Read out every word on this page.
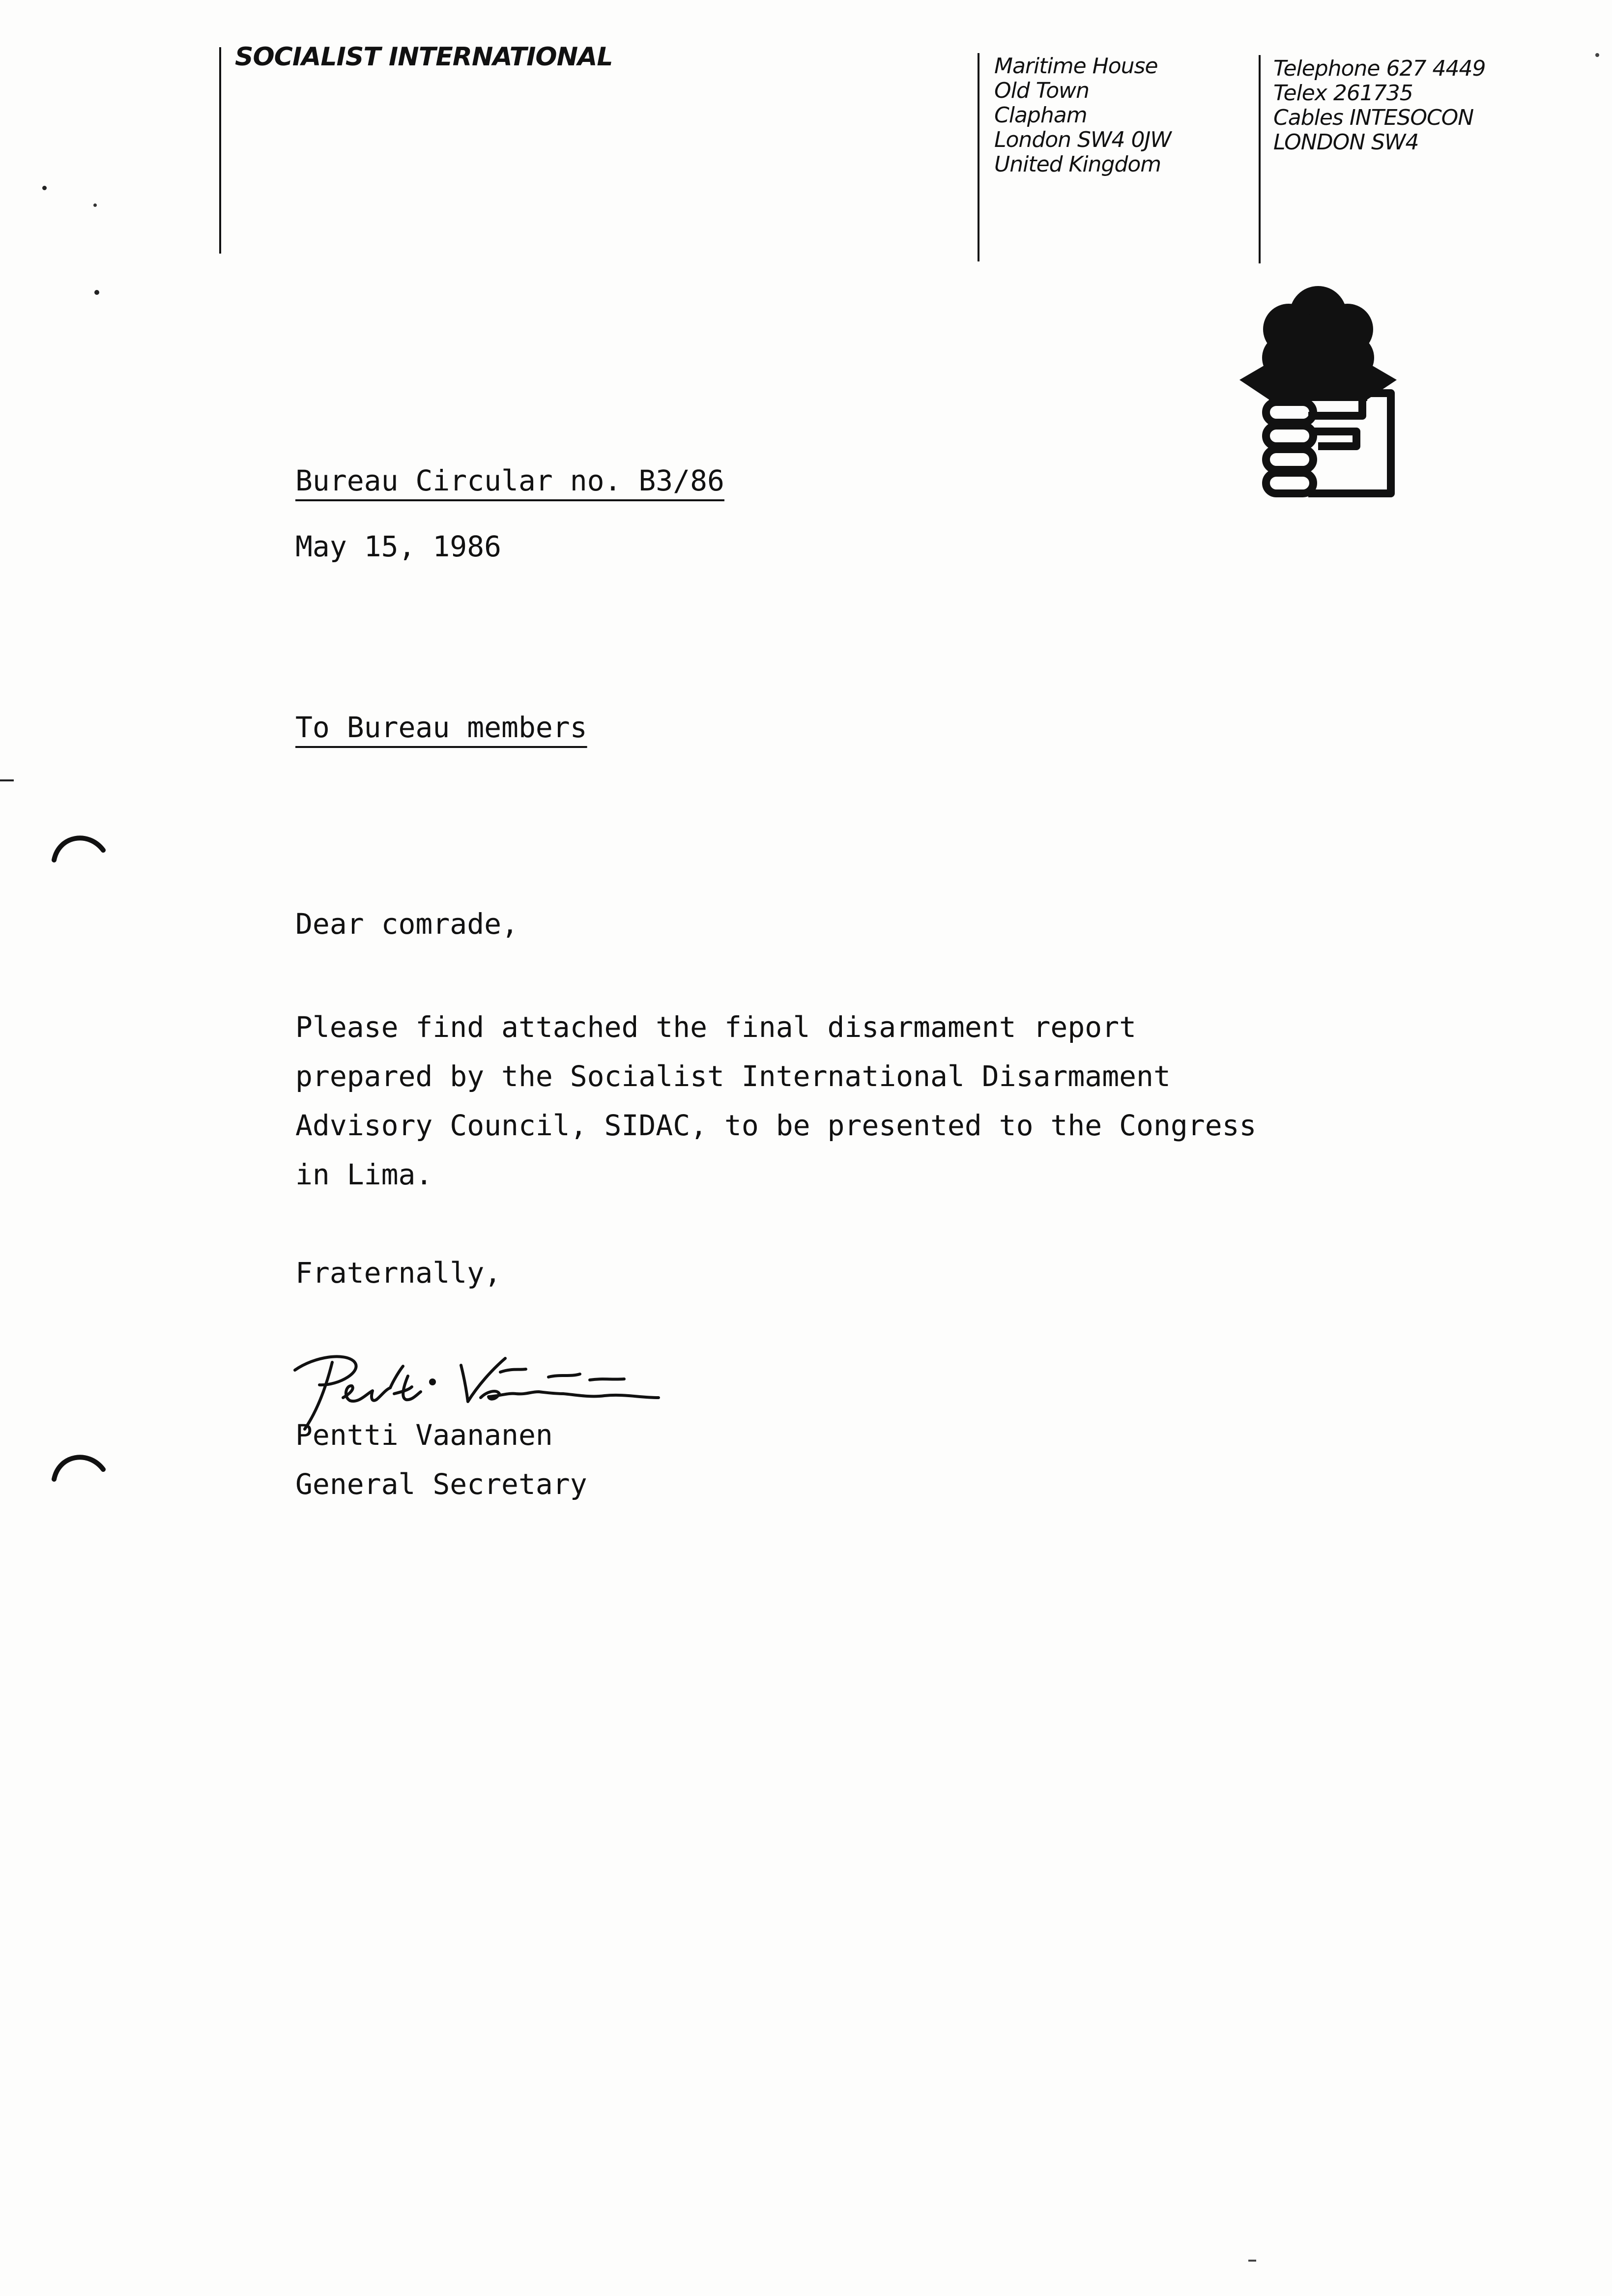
SOCIALIST INTERNATIONAL	Maritime House
Old Town
Clapham
London SW4 0JW
United Kingdom
Telephone 627 4449
Telex 261735
Cables INTESOCON
LONDON SW4
Bureau Circular no. B3/86
May 15, 1986
To Bureau members
Dear comrade,
Please find attached the final disarmament report
prepared by the Socialist International Disarmament
Advisory Council, SIDAC, to be presented to the Congress
in Lima.
Fraternally,
Pentti Vaananen
General Secretary
